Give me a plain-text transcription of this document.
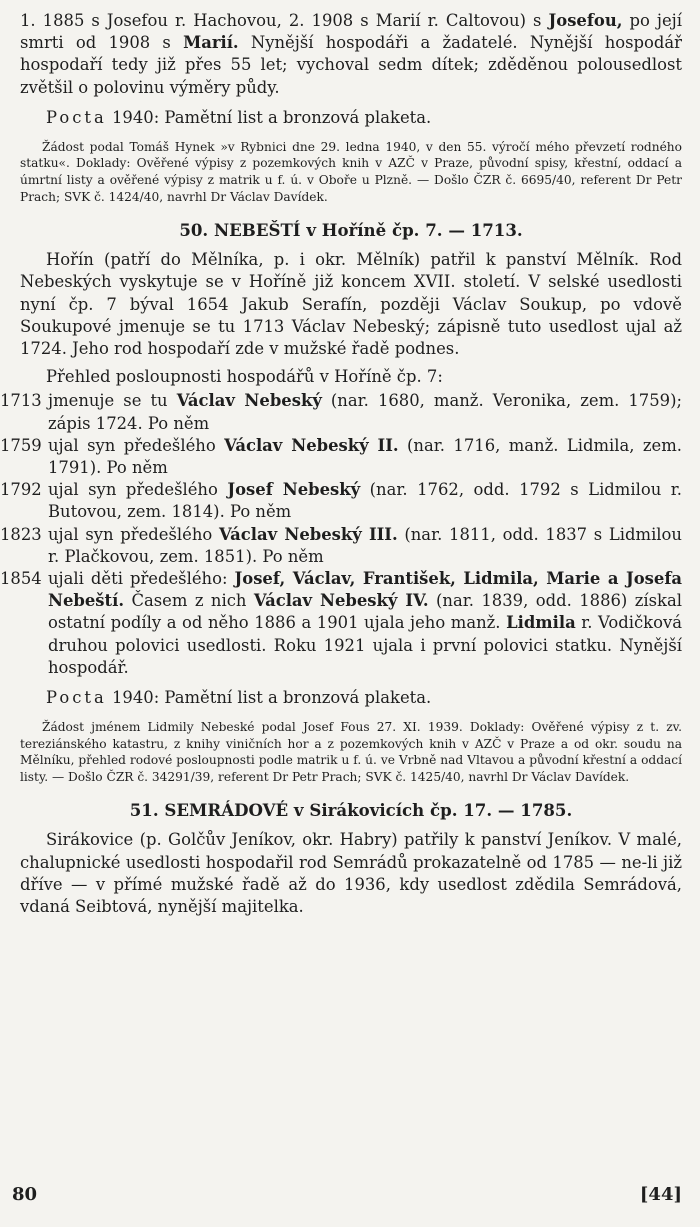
1. 1885 s Josefou r. Hachovou, 2. 1908 s Marií r. Caltovou) s Josefou, po její smrti od 1908 s Marií. Nynější hospodáři a žadatelé. Nynější hospodář hospodaří tedy již přes 55 let; vychoval sedm dítek; zděděnou polousedlost zvětšil o polovinu výměry půdy.

Pocta 1940: Pamětní list a bronzová plaketa.

Žádost podal Tomáš Hynek »v Rybnici dne 29. ledna 1940, v den 55. výročí mého převzetí rodného statku«. Doklady: Ověřené výpisy z pozemkových knih v AZČ v Praze, původní spisy, křestní, oddací a úmrtní listy a ověřené výpisy z matrik u f. ú. v Oboře u Plzně. — Došlo ČZR č. 6695/40, referent Dr Petr Prach; SVK č. 1424/40, navrhl Dr Václav Davídek.

50. NEBEŠTÍ v Hoříně čp. 7. — 1713.

Hořín (patří do Mělníka, p. i okr. Mělník) patřil k panství Mělník. Rod Nebeských vyskytuje se v Hoříně již koncem XVII. století. V selské usedlosti nyní čp. 7 býval 1654 Jakub Serafín, později Václav Soukup, po vdově Soukupové jmenuje se tu 1713 Václav Nebeský; zápisně tuto usedlost ujal až 1724. Jeho rod hospodaří zde v mužské řadě podnes.

Přehled posloupnosti hospodářů v Hoříně čp. 7:

1713 jmenuje se tu Václav Nebeský (nar. 1680, manž. Veronika, zem. 1759); zápis 1724. Po něm
1759 ujal syn předešlého Václav Nebeský II. (nar. 1716, manž. Lidmila, zem. 1791). Po něm
1792 ujal syn předešlého Josef Nebeský (nar. 1762, odd. 1792 s Lidmilou r. Butovou, zem. 1814). Po něm
1823 ujal syn předešlého Václav Nebeský III. (nar. 1811, odd. 1837 s Lidmilou r. Plačkovou, zem. 1851). Po něm
1854 ujali děti předešlého: Josef, Václav, František, Lidmila, Marie a Josefa Nebeští. Časem z nich Václav Nebeský IV. (nar. 1839, odd. 1886) získal ostatní podíly a od něho 1886 a 1901 ujala jeho manž. Lidmila r. Vodičková druhou polovici usedlosti. Roku 1921 ujala i první polovici statku. Nynější hospodář.

Pocta 1940: Pamětní list a bronzová plaketa.

Žádost jménem Lidmily Nebeské podal Josef Fous 27. XI. 1939. Doklady: Ověřené výpisy z t. zv. tereziánského katastru, z knihy viničních hor a z pozemkových knih v AZČ v Praze a od okr. soudu na Mělníku, přehled rodové posloupnosti podle matrik u f. ú. ve Vrbně nad Vltavou a původní křestní a oddací listy. — Došlo ČZR č. 34291/39, referent Dr Petr Prach; SVK č. 1425/40, navrhl Dr Václav Davídek.

51. SEMRÁDOVÉ v Sirákovicích čp. 17. — 1785.

Sirákovice (p. Golčův Jeníkov, okr. Habry) patřily k panství Jeníkov. V malé, chalupnické usedlosti hospodařil rod Semrádů prokazatelně od 1785 — ne-li již dříve — v přímé mužské řadě až do 1936, kdy usedlost zdědila Semrádová, vdaná Seibtová, nynější majitelka.

80	[44]
